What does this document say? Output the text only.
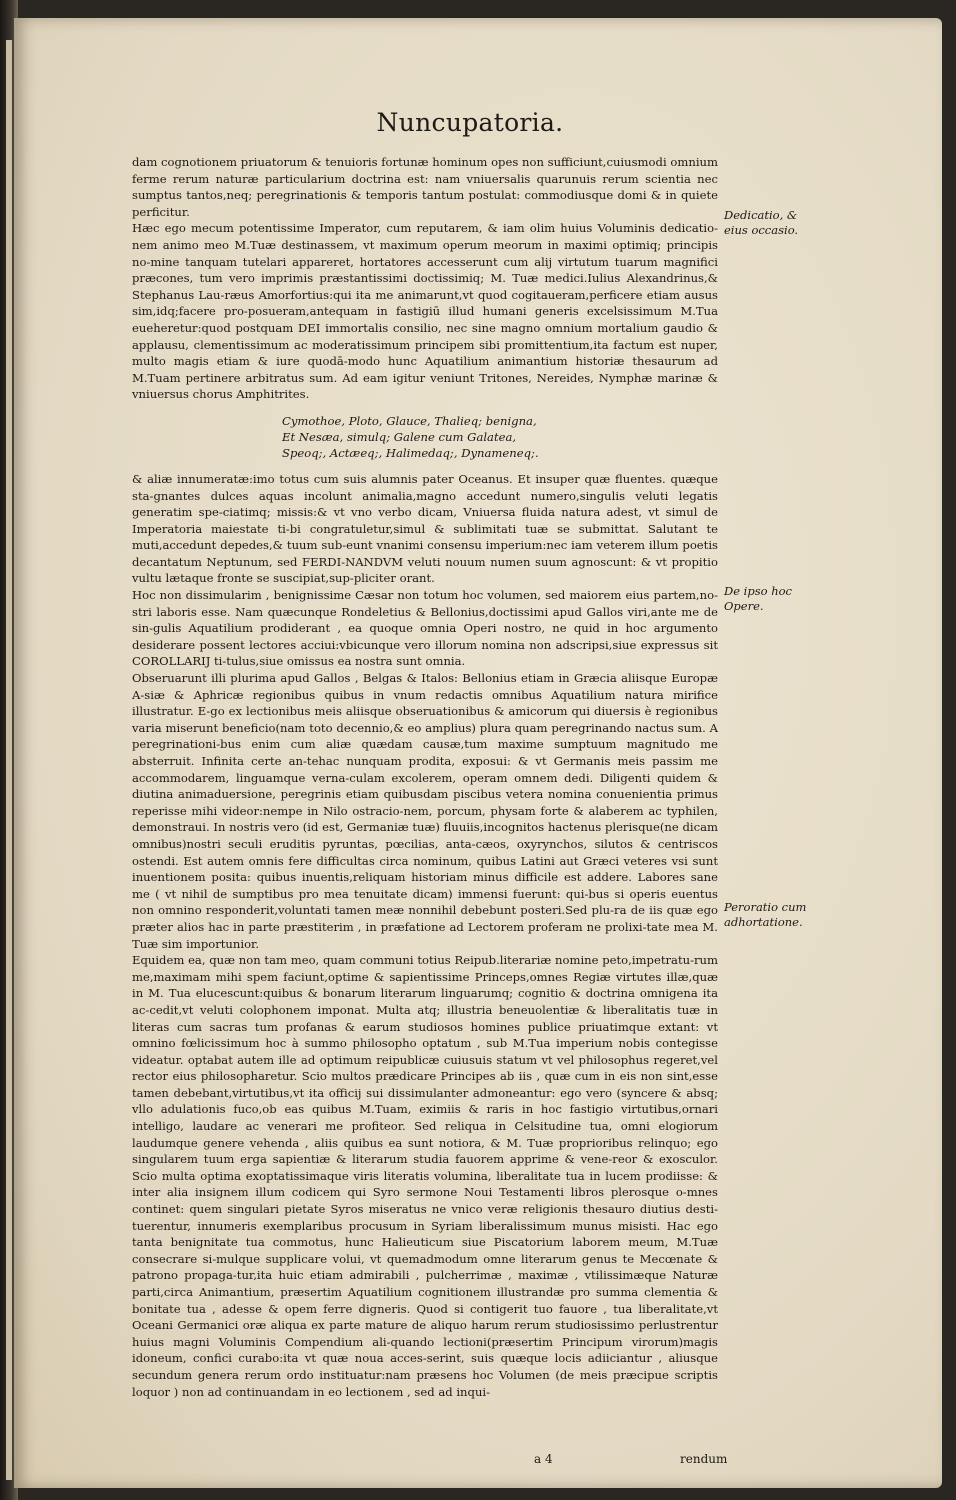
Nuncupatoria.

dam cognotionem priuatorum & tenuioris fortunæ hominum opes non sufficiunt,cuiusmodi omnium ferme rerum naturæ particularium doctrina est: nam vniuersalis quarunuis rerum scientia nec sumptus tantos,neq; peregrinationis & temporis tantum postulat: commodiusque domi & in quiete perficitur.

Hæc ego mecum potentissime Imperator, cum reputarem, & iam olim huius Voluminis dedicatio-nem animo meo M.Tuæ destinassem, vt maximum operum meorum in maximi optimiq; principis no-mine tanquam tutelari appareret, hortatores accesserunt cum alij virtutum tuarum magnifici præcones, tum vero imprimis præstantissimi doctissimiq; M. Tuæ medici.Iulius Alexandrinus,& Stephanus Lau-ræus Amorfortius:qui ita me animarunt,vt quod cogitaueram,perficere etiam ausus sim,idq;facere pro-posueram,antequam in fastigiū illud humani generis excelsissimum M.Tua eueheretur:quod postquam DEI immortalis consilio, nec sine magno omnium mortalium gaudio & applausu, clementissimum ac moderatissimum principem sibi promittentium,ita factum est nuper, multo magis etiam & iure quodā-modo hunc Aquatilium animantium historiæ thesaurum ad M.Tuam pertinere arbitratus sum. Ad eam igitur veniunt Tritones, Nereides, Nymphæ marinæ & vniuersus chorus Amphitrites.

Cymothoe, Ploto, Glauce, Thalieq; benigna,
Et Nesæa, simulq; Galene cum Galatea,
Speoq;, Actæeq;, Halimedaq;, Dynameneq;.

& aliæ innumeratæ:imo totus cum suis alumnis pater Oceanus. Et insuper quæ fluentes. quæque sta-gnantes dulces aquas incolunt animalia,magno accedunt numero,singulis veluti legatis generatim spe-ciatimq; missis:& vt vno verbo dicam, Vniuersa fluida natura adest, vt simul de Imperatoria maiestate ti-bi congratuletur,simul & sublimitati tuæ se submittat. Salutant te muti,accedunt depedes,& tuum sub-eunt vnanimi consensu imperium:nec iam veterem illum poetis decantatum Neptunum, sed FERDI-NANDVM veluti nouum numen suum agnoscunt: & vt propitio vultu lætaque fronte se suscipiat,sup-pliciter orant.

Hoc non dissimularim , benignissime Cæsar non totum hoc volumen, sed maiorem eius partem,no-stri laboris esse. Nam quæcunque Rondeletius & Bellonius,doctissimi apud Gallos viri,ante me de sin-gulis Aquatilium prodiderant , ea quoque omnia Operi nostro, ne quid in hoc argumento desiderare possent lectores acciui:vbicunque vero illorum nomina non adscripsi,siue expressus sit COROLLARIJ ti-tulus,siue omissus ea nostra sunt omnia.

Obseruarunt illi plurima apud Gallos , Belgas & Italos: Bellonius etiam in Græcia aliisque Europæ A-siæ & Aphricæ regionibus quibus in vnum redactis omnibus Aquatilium natura mirifice illustratur. E-go ex lectionibus meis aliisque obseruationibus & amicorum qui diuersis è regionibus varia miserunt beneficio(nam toto decennio,& eo amplius) plura quam peregrinando nactus sum. A peregrinationi-bus enim cum aliæ quædam causæ,tum maxime sumptuum magnitudo me absterruit. Infinita certe an-tehac nunquam prodita, exposui: & vt Germanis meis passim me accommodarem, linguamque verna-culam excolerem, operam omnem dedi. Diligenti quidem & diutina animaduersione, peregrinis etiam quibusdam piscibus vetera nomina conuenientia primus reperisse mihi videor:nempe in Nilo ostracio-nem, porcum, physam forte & alaberem ac typhilen, demonstraui. In nostris vero (id est, Germaniæ tuæ) fluuiis,incognitos hactenus plerisque(ne dicam omnibus)nostri seculi eruditis pyruntas, pœcilias, anta-cæos, oxyrynchos, silutos & centriscos ostendi. Est autem omnis fere difficultas circa nominum, quibus Latini aut Græci veteres vsi sunt inuentionem posita: quibus inuentis,reliquam historiam minus difficile est addere. Labores sane me ( vt nihil de sumptibus pro mea tenuitate dicam) immensi fuerunt: qui-bus si operis euentus non omnino responderit,voluntati tamen meæ nonnihil debebunt posteri.Sed plu-ra de iis quæ ego præter alios hac in parte præstiterim , in præfatione ad Lectorem proferam ne prolixi-tate mea M. Tuæ sim importunior.

Equidem ea, quæ non tam meo, quam communi totius Reipub.literariæ nomine peto,impetratu-rum me,maximam mihi spem faciunt,optime & sapientissime Princeps,omnes Regiæ virtutes illæ,quæ in M. Tua elucescunt:quibus & bonarum literarum linguarumq; cognitio & doctrina omnigena ita ac-cedit,vt veluti colophonem imponat. Multa atq; illustria beneuolentiæ & liberalitatis tuæ in literas cum sacras tum profanas & earum studiosos homines publice priuatimque extant: vt omnino fœlicissimum hoc à summo philosopho optatum , sub M.Tua imperium nobis contegisse videatur. optabat autem ille ad optimum reipublicæ cuiusuis statum vt vel philosophus regeret,vel rector eius philosopharetur. Scio multos prædicare Principes ab iis , quæ cum in eis non sint,esse tamen debebant,virtutibus,vt ita officij sui dissimulanter admoneantur: ego vero (syncere & absq; vllo adulationis fuco,ob eas quibus M.Tuam, eximiis & raris in hoc fastigio virtutibus,ornari intelligo, laudare ac venerari me profiteor. Sed reliqua in Celsitudine tua, omni elogiorum laudumque genere vehenda , aliis quibus ea sunt notiora, & M. Tuæ proprioribus relinquo; ego singularem tuum erga sapientiæ & literarum studia fauorem apprime & vene-reor & exosculor. Scio multa optima exoptatissimaque viris literatis volumina, liberalitate tua in lucem prodiisse: & inter alia insignem illum codicem qui Syro sermone Noui Testamenti libros plerosque o-mnes continet: quem singulari pietate Syros miseratus ne vnico veræ religionis thesauro diutius desti-tuerentur, innumeris exemplaribus procusum in Syriam liberalissimum munus misisti. Hac ego tanta benignitate tua commotus, hunc Halieuticum siue Piscatorium laborem meum, M.Tuæ consecrare si-mulque supplicare volui, vt quemadmodum omne literarum genus te Mecœnate & patrono propaga-tur,ita huic etiam admirabili , pulcherrimæ , maximæ , vtilissimæque Naturæ parti,circa Animantium, præsertim Aquatilium cognitionem illustrandæ pro summa clementia & bonitate tua , adesse & opem ferre digneris. Quod si contigerit tuo fauore , tua liberalitate,vt Oceani Germanici oræ aliqua ex parte mature de aliquo harum rerum studiosissimo perlustrentur huius magni Voluminis Compendium ali-quando lectioni(præsertim Principum virorum)magis idoneum, confici curabo:ita vt quæ noua acces-serint, suis quæque locis adiiciantur , aliusque secundum genera rerum ordo instituatur:nam præsens hoc Volumen (de meis præcipue scriptis loquor ) non ad continuandam in eo lectionem , sed ad inqui-

Dedicatio, & eius occasio.
De ipso hoc Opere.
Peroratio cum adhortatione.
a 4	rendum
